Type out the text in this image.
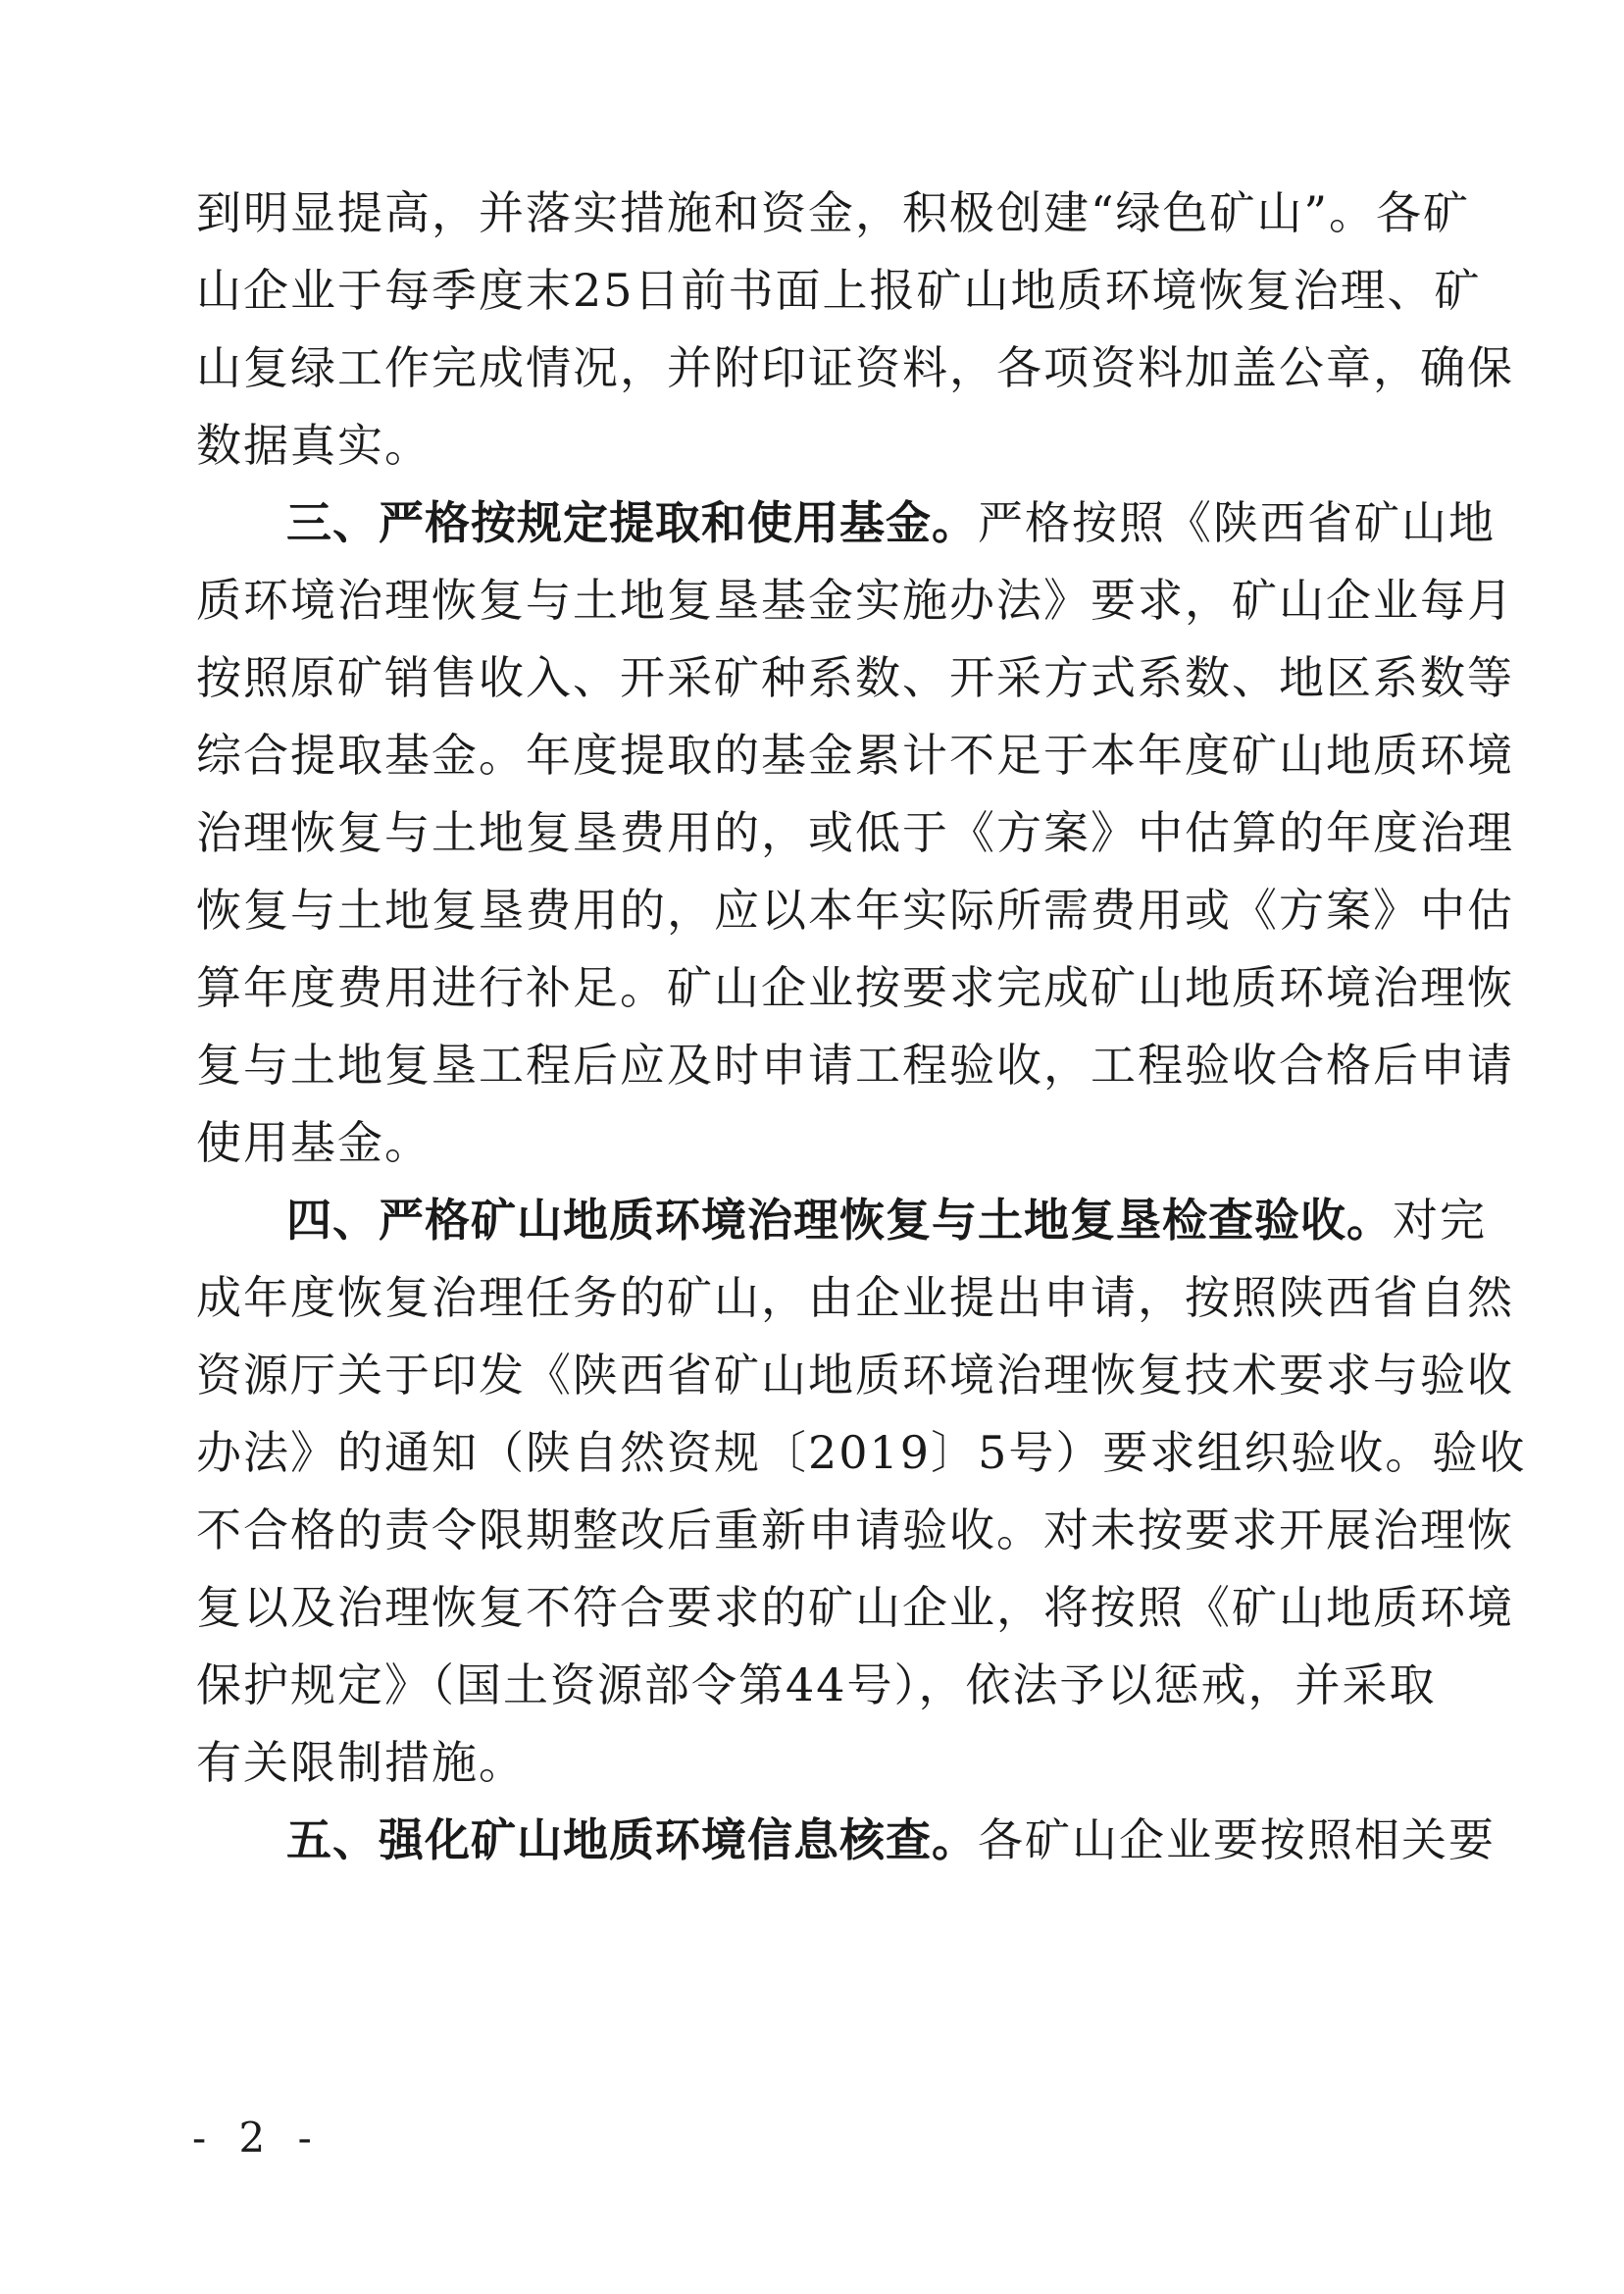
到明显提高，并落实措施和资金，积极创建“绿色矿山”。各矿
山企业于每季度末25日前书面上报矿山地质环境恢复治理、矿
山复绿工作完成情况，并附印证资料，各项资料加盖公章，确保
数据真实。
三、严格按规定提取和使用基金。严格按照《陕西省矿山地
质环境治理恢复与土地复垦基金实施办法》要求，矿山企业每月
按照原矿销售收入、开采矿种系数、开采方式系数、地区系数等
综合提取基金。年度提取的基金累计不足于本年度矿山地质环境
治理恢复与土地复垦费用的，或低于《方案》中估算的年度治理
恢复与土地复垦费用的，应以本年实际所需费用或《方案》中估
算年度费用进行补足。矿山企业按要求完成矿山地质环境治理恢
复与土地复垦工程后应及时申请工程验收，工程验收合格后申请
使用基金。
四、严格矿山地质环境治理恢复与土地复垦检查验收。对完
成年度恢复治理任务的矿山，由企业提出申请，按照陕西省自然
资源厅关于印发《陕西省矿山地质环境治理恢复技术要求与验收
办法》的通知（陕自然资规〔2019〕5号）要求组织验收。验收
不合格的责令限期整改后重新申请验收。对未按要求开展治理恢
复以及治理恢复不符合要求的矿山企业，将按照《矿山地质环境
保护规定》（国土资源部令第44号），依法予以惩戒，并采取
有关限制措施。
五、强化矿山地质环境信息核查。各矿山企业要按照相关要
- 2 -
